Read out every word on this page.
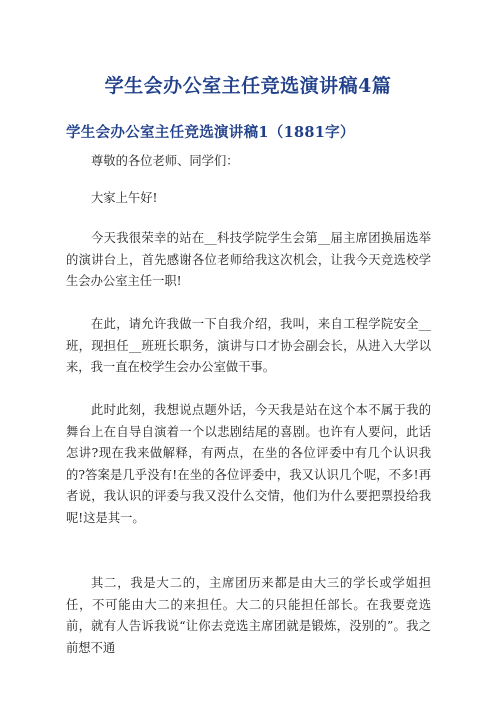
学生会办公室主任竞选演讲稿4篇
学生会办公室主任竞选演讲稿1（1881字）

尊敬的各位老师、同学们：

大家上午好!

今天我很荣幸的站在__科技学院学生会第__届主席团换届选举的演讲台上，首先感谢各位老师给我这次机会，让我今天竞选校学生会办公室主任一职!

在此，请允许我做一下自我介绍，我叫，来自工程学院安全__班，现担任__班班长职务，演讲与口才协会副会长，从进入大学以来，我一直在校学生会办公室做干事。

此时此刻，我想说点题外话，今天我是站在这个本不属于我的舞台上在自导自演着一个以悲剧结尾的喜剧。也许有人要问，此话怎讲?现在我来做解释，有两点，在坐的各位评委中有几个认识我的?答案是几乎没有!在坐的各位评委中，我又认识几个呢，不多!再者说，我认识的评委与我又没什么交情，他们为什么要把票投给我呢!这是其一。

其二，我是大二的，主席团历来都是由大三的学长或学姐担任，不可能由大二的来担任。大二的只能担任部长。在我要竞选前，就有人告诉我说“让你去竞选主席团就是锻炼，没别的”。我之前想不通
